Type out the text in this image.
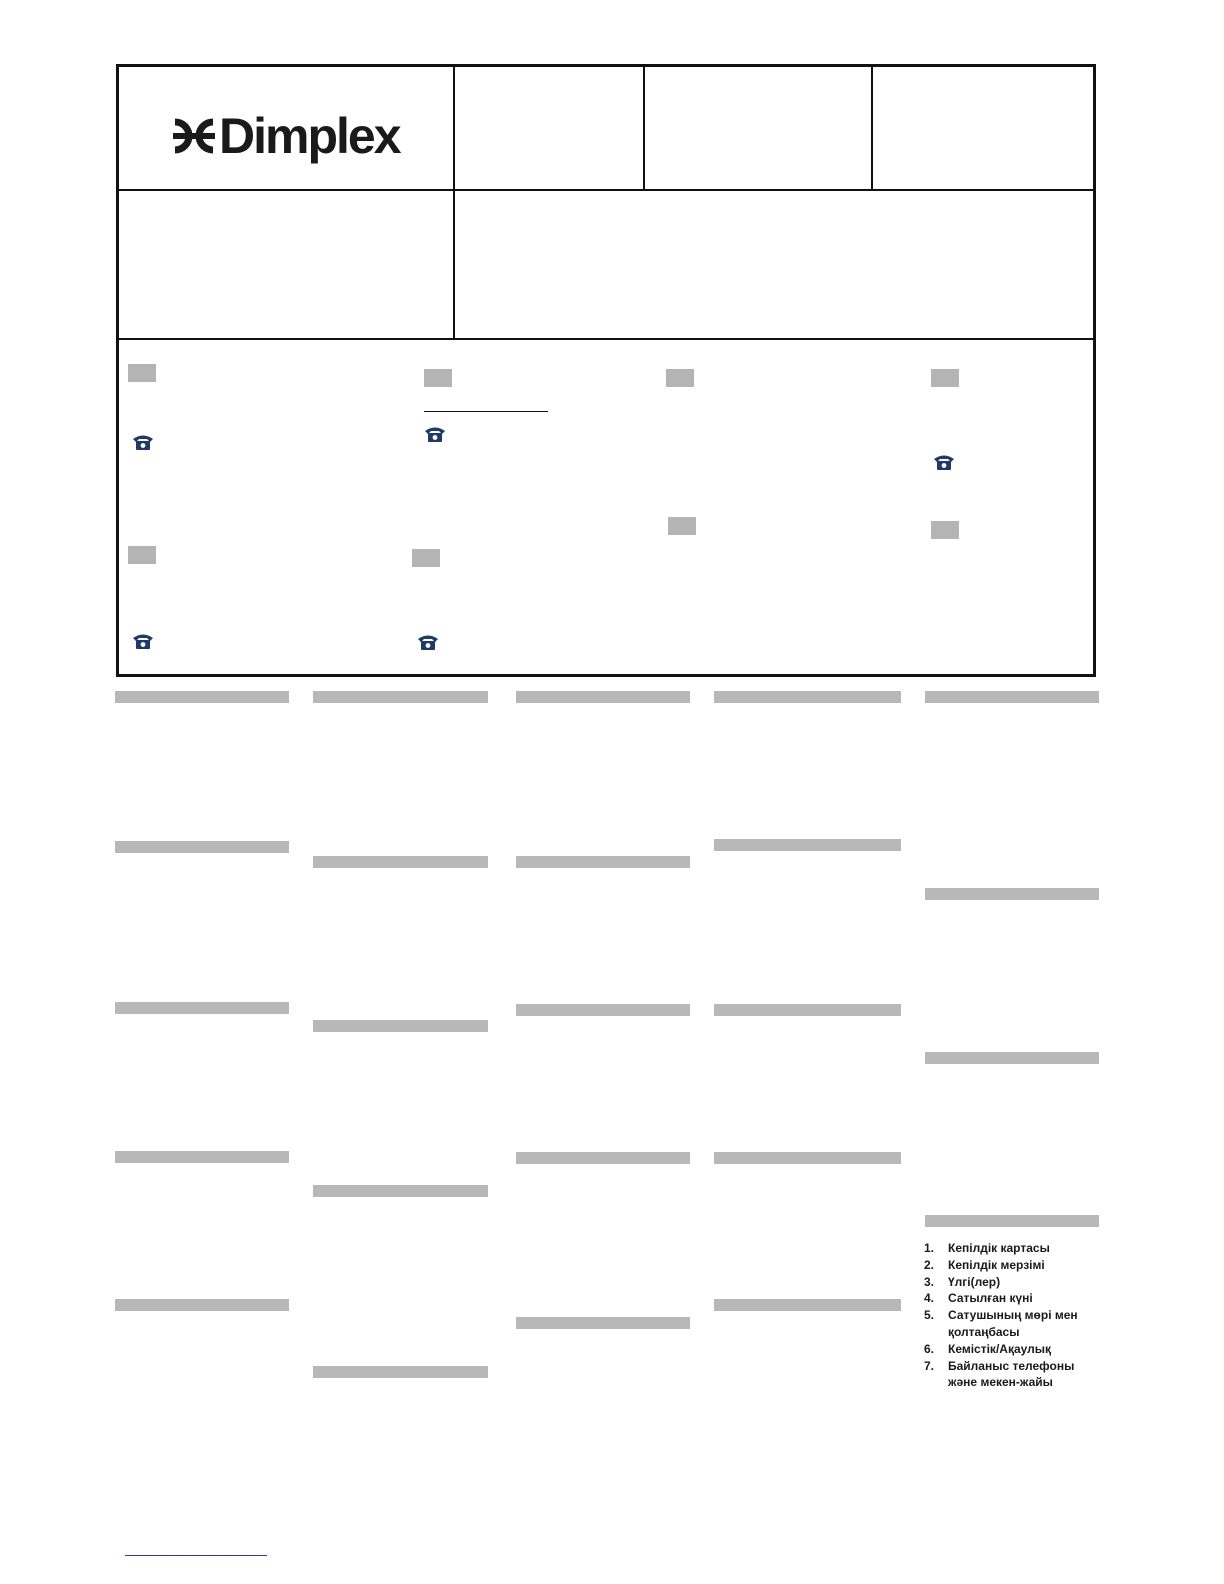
Dimplex
1.	Кепілдік картасы
2.	Кепілдік мерзімі
3.	Үлгі(лер)
4.	Сатылған күні
5.	Сатушының мөрі мен қолтаңбасы
6.	Кемістік/Ақаулық
7.	Байланыс телефоны және мекен-жайы
